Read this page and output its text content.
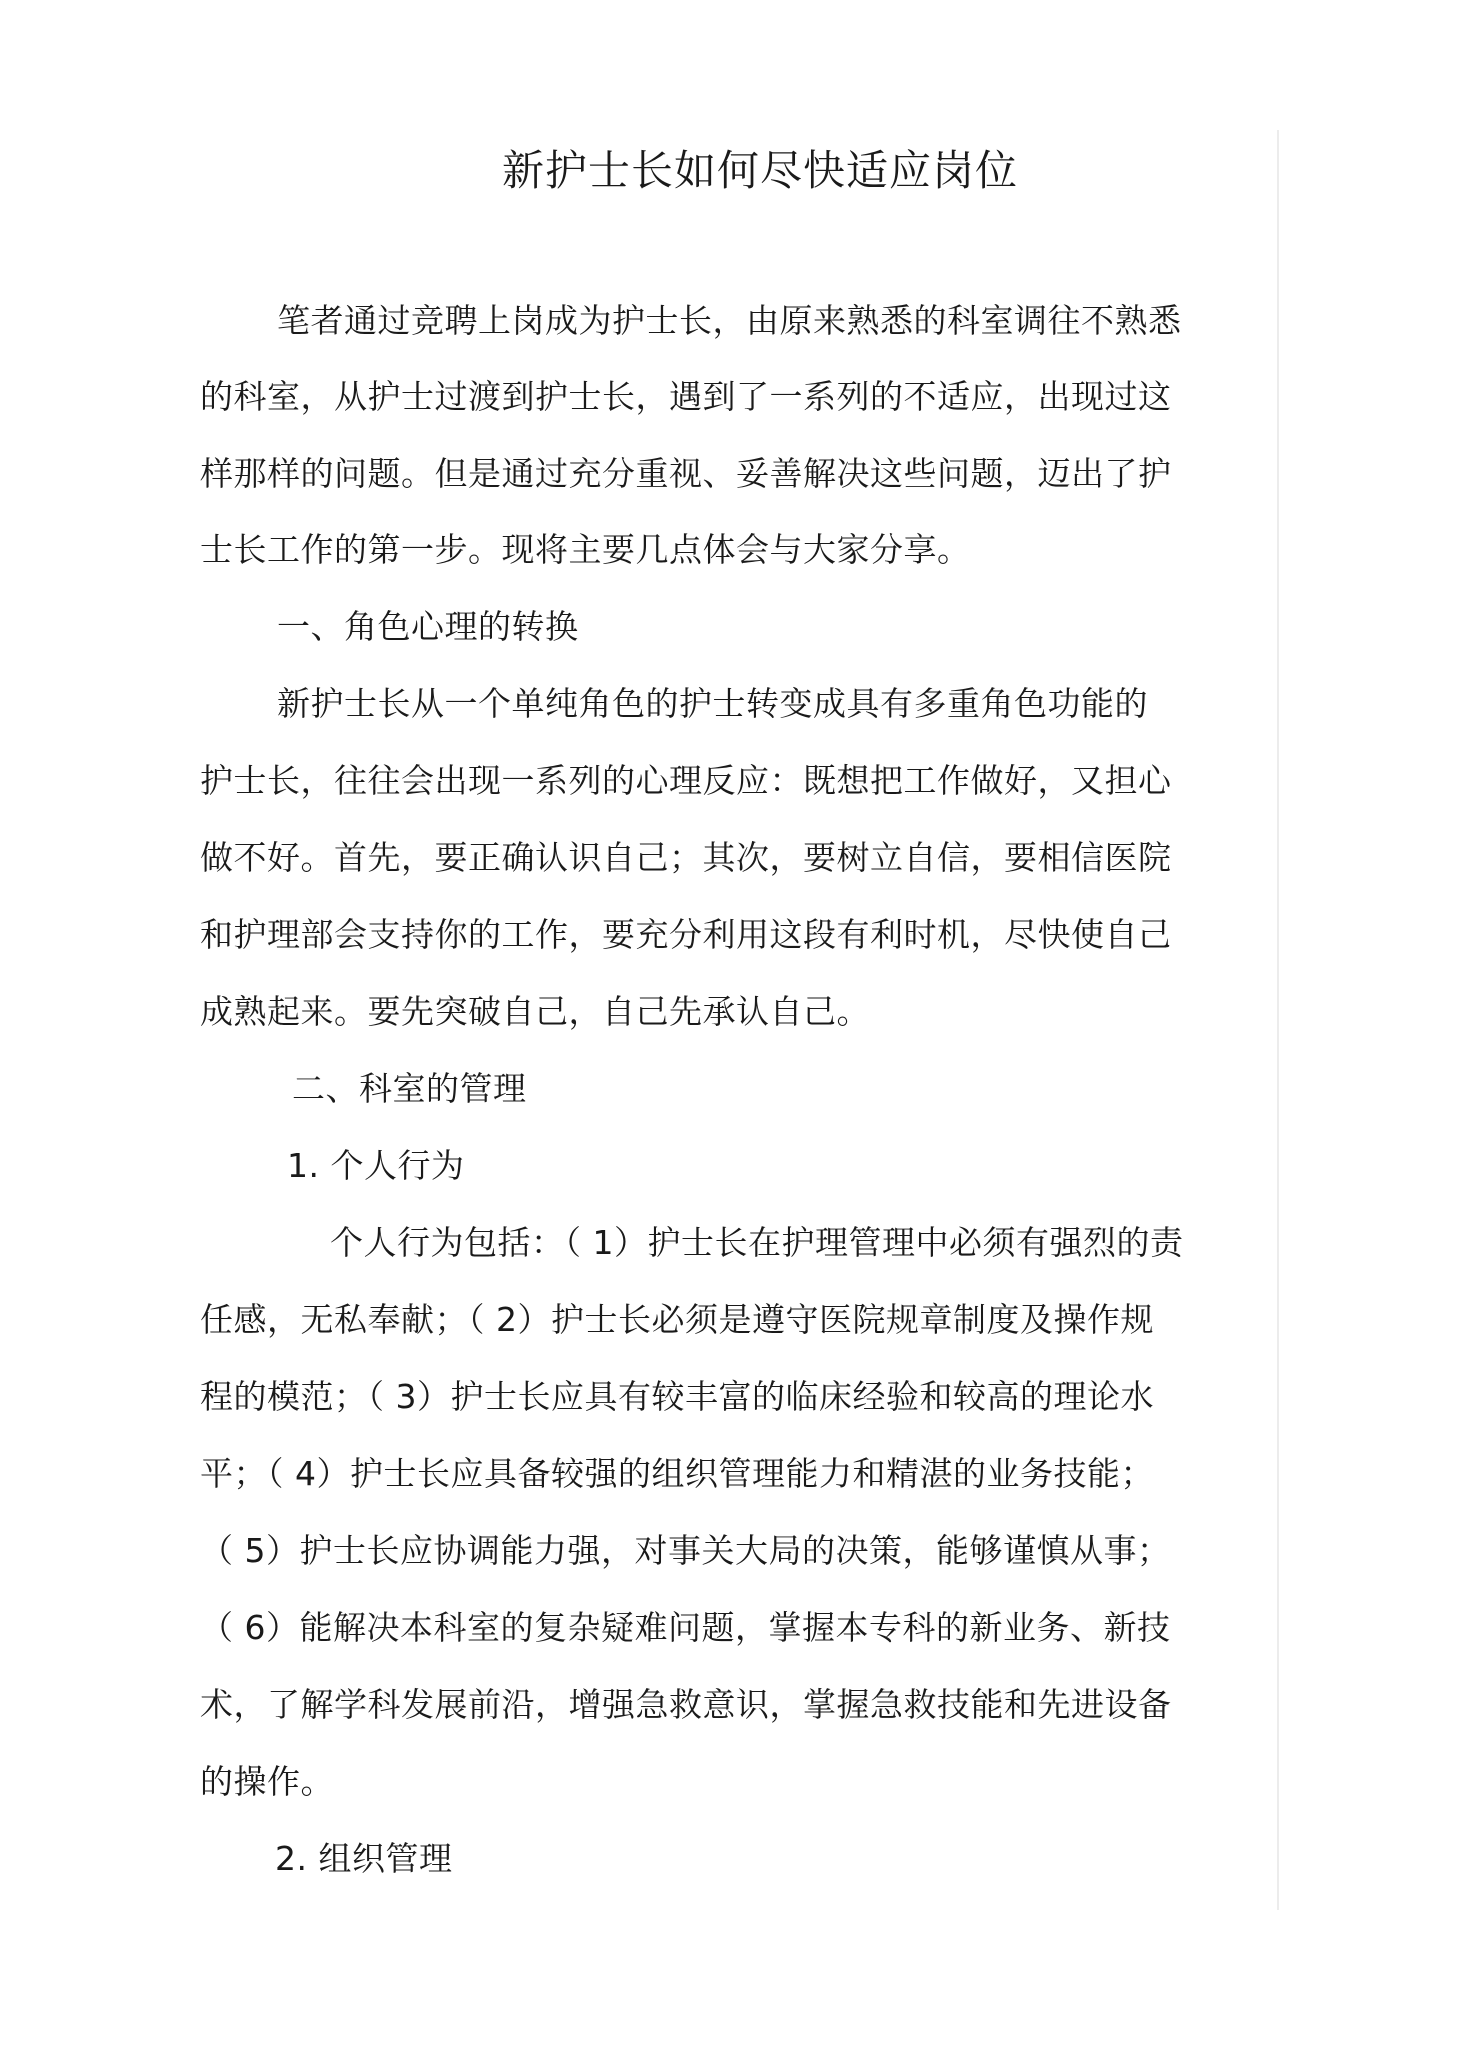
新护士长如何尽快适应岗位
笔者通过竞聘上岗成为护士长，由原来熟悉的科室调往不熟悉
的科室，从护士过渡到护士长，遇到了一系列的不适应，出现过这
样那样的问题。但是通过充分重视、妥善解决这些问题，迈出了护
士长工作的第一步。现将主要几点体会与大家分享。
一、角色心理的转换
新护士长从一个单纯角色的护士转变成具有多重角色功能的
护士长，往往会出现一系列的心理反应：既想把工作做好，又担心
做不好。首先，要正确认识自己；其次，要树立自信，要相信医院
和护理部会支持你的工作，要充分利用这段有利时机，尽快使自己
成熟起来。要先突破自己，自己先承认自己。
二、科室的管理
1. 个人行为
个人行为包括：（ 1）护士长在护理管理中必须有强烈的责
任感，无私奉献；（ 2）护士长必须是遵守医院规章制度及操作规
程的模范；（ 3）护士长应具有较丰富的临床经验和较高的理论水
平；（ 4）护士长应具备较强的组织管理能力和精湛的业务技能；
（ 5）护士长应协调能力强，对事关大局的决策，能够谨慎从事；
（ 6）能解决本科室的复杂疑难问题，掌握本专科的新业务、新技
术，了解学科发展前沿，增强急救意识，掌握急救技能和先进设备
的操作。
2. 组织管理
